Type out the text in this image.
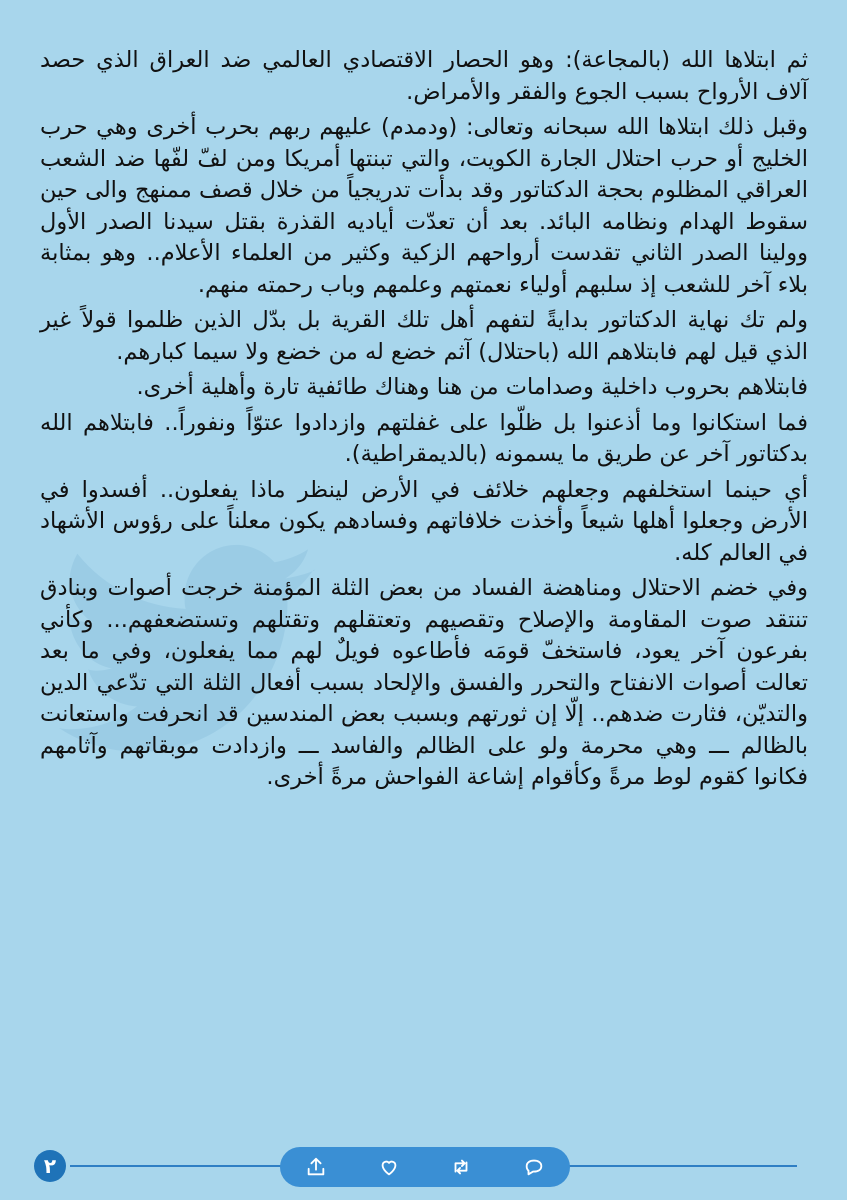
ثم ابتلاها الله (بالمجاعة): وهو الحصار الاقتصادي العالمي ضد العراق الذي حصد آلاف الأرواح بسبب الجوع والفقر والأمراض.

وقبل ذلك ابتلاها الله سبحانه وتعالى: (ودمدم) عليهم ربهم بحرب أخرى وهي حرب الخليج أو حرب احتلال الجارة الكويت، والتي تبنتها أمريكا ومن لفّ لفّها ضد الشعب العراقي المظلوم بحجة الدكتاتور وقد بدأت تدريجياً من خلال قصف ممنهج والى حين سقوط الهدام ونظامه البائد. بعد أن تعدّت أياديه القذرة بقتل سيدنا الصدر الأول وولينا الصدر الثاني تقدست أرواحهم الزكية وكثير من العلماء الأعلام.. وهو بمثابة بلاء آخر للشعب إذ سلبهم أولياء نعمتهم وعلمهم وباب رحمته منهم.

ولم تك نهاية الدكتاتور بدايةً لتفهم أهل تلك القرية بل بدّل الذين ظلموا قولاً غير الذي قيل لهم فابتلاهم الله (باحتلال) آثم خضع له من خضع ولا سيما كبارهم.

فابتلاهم بحروب داخلية وصدامات من هنا وهناك طائفية تارة وأهلية أخرى.

فما استكانوا وما أذعنوا بل ظلّوا على غفلتهم وازدادوا عتوّاً ونفوراً.. فابتلاهم الله بدكتاتور آخر عن طريق ما يسمونه (بالديمقراطية).

أي حينما استخلفهم وجعلهم خلائف في الأرض لينظر ماذا يفعلون.. أفسدوا في الأرض وجعلوا أهلها شيعاً وأخذت خلافاتهم وفسادهم يكون معلناً على رؤوس الأشهاد في العالم كله.

وفي خضم الاحتلال ومناهضة الفساد من بعض الثلة المؤمنة خرجت أصوات وبنادق تنتقد صوت المقاومة والإصلاح وتقصيهم وتعتقلهم وتقتلهم وتستضعفهم... وكأني بفرعون آخر يعود، فاستخفّ قومَه فأطاعوه فويلٌ لهم مما يفعلون، وفي ما بعد تعالت أصوات الانفتاح والتحرر والفسق والإلحاد بسبب أفعال الثلة التي تدّعي الدين والتديّن، فثارت ضدهم.. إلّا إن ثورتهم وبسبب بعض المندسين قد انحرفت واستعانت بالظالم ـــ وهي محرمة ولو على الظالم والفاسد ـــ وازدادت موبقاتهم وآثامهم فكانوا كقوم لوط مرةً وكأقوام إشاعة الفواحش مرةً أخرى.

٢
